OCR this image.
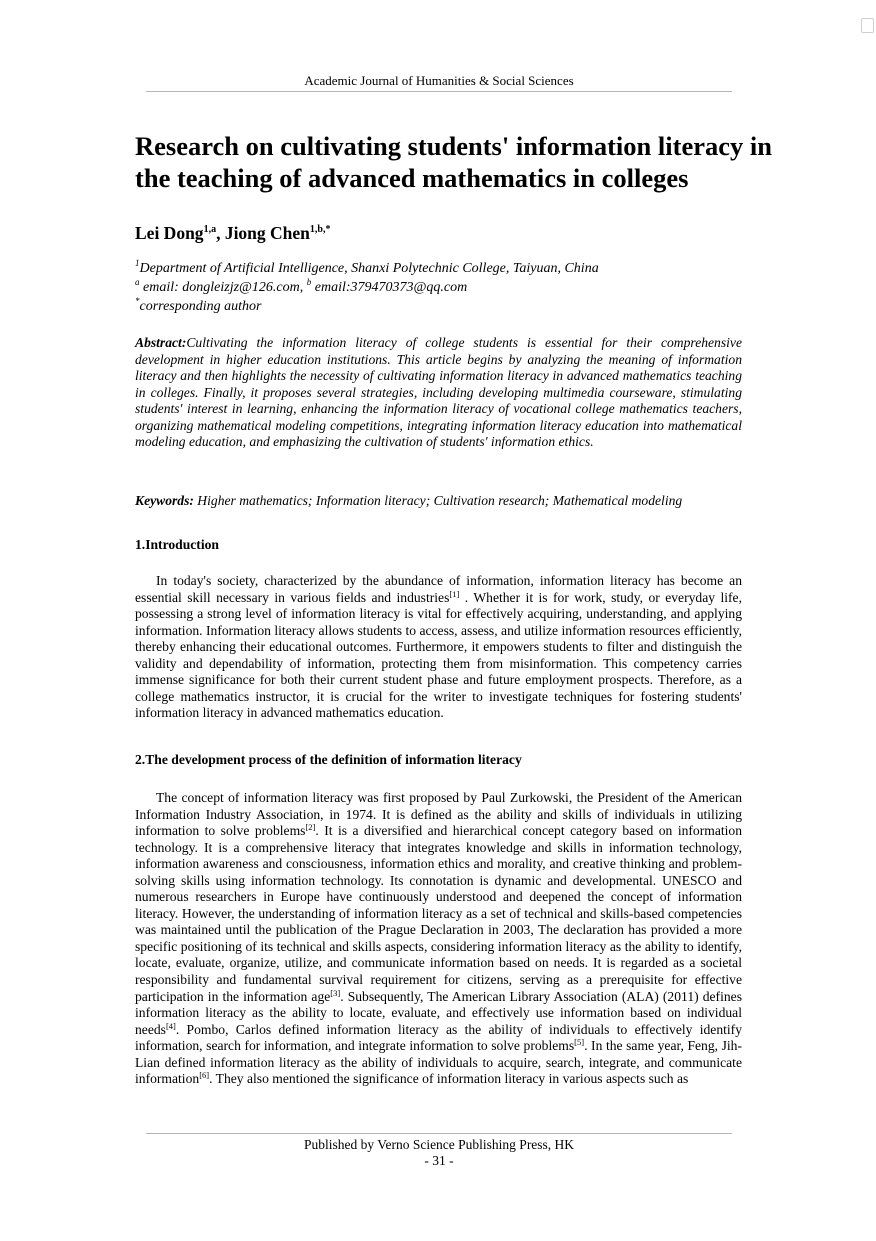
Academic Journal of Humanities & Social Sciences
Research on cultivating students' information literacy in the teaching of advanced mathematics in colleges
Lei Dong$^{1,a}$, Jiong Chen$^{1,b,*}$
$^1$Department of Artificial Intelligence, Shanxi Polytechnic College, Taiyuan, China
$^a$ email: dongleizjz@126.com, $^b$ email:379470373@qq.com
*corresponding author
Abstract:Cultivating the information literacy of college students is essential for their comprehensive development in higher education institutions. This article begins by analyzing the meaning of information literacy and then highlights the necessity of cultivating information literacy in advanced mathematics teaching in colleges. Finally, it proposes several strategies, including developing multimedia courseware, stimulating students' interest in learning, enhancing the information literacy of vocational college mathematics teachers, organizing mathematical modeling competitions, integrating information literacy education into mathematical modeling education, and emphasizing the cultivation of students' information ethics.
Keywords: Higher mathematics; Information literacy; Cultivation research; Mathematical modeling
1.Introduction
In today's society, characterized by the abundance of information, information literacy has become an essential skill necessary in various fields and industries[1] . Whether it is for work, study, or everyday life, possessing a strong level of information literacy is vital for effectively acquiring, understanding, and applying information. Information literacy allows students to access, assess, and utilize information resources efficiently, thereby enhancing their educational outcomes. Furthermore, it empowers students to filter and distinguish the validity and dependability of information, protecting them from misinformation. This competency carries immense significance for both their current student phase and future employment prospects. Therefore, as a college mathematics instructor, it is crucial for the writer to investigate techniques for fostering students' information literacy in advanced mathematics education.
2.The development process of the definition of information literacy
The concept of information literacy was first proposed by Paul Zurkowski, the President of the American Information Industry Association, in 1974. It is defined as the ability and skills of individuals in utilizing information to solve problems[2]. It is a diversified and hierarchical concept category based on information technology. It is a comprehensive literacy that integrates knowledge and skills in information technology, information awareness and consciousness, information ethics and morality, and creative thinking and problem-solving skills using information technology. Its connotation is dynamic and developmental. UNESCO and numerous researchers in Europe have continuously understood and deepened the concept of information literacy. However, the understanding of information literacy as a set of technical and skills-based competencies was maintained until the publication of the Prague Declaration in 2003, The declaration has provided a more specific positioning of its technical and skills aspects, considering information literacy as the ability to identify, locate, evaluate, organize, utilize, and communicate information based on needs. It is regarded as a societal responsibility and fundamental survival requirement for citizens, serving as a prerequisite for effective participation in the information age[3]. Subsequently, The American Library Association (ALA) (2011) defines information literacy as the ability to locate, evaluate, and effectively use information based on individual needs[4]. Pombo, Carlos defined information literacy as the ability of individuals to effectively identify information, search for information, and integrate information to solve problems[5]. In the same year, Feng, Jih-Lian defined information literacy as the ability of individuals to acquire, search, integrate, and communicate information[6]. They also mentioned the significance of information literacy in various aspects such as
Published by Verno Science Publishing Press, HK
- 31 -
